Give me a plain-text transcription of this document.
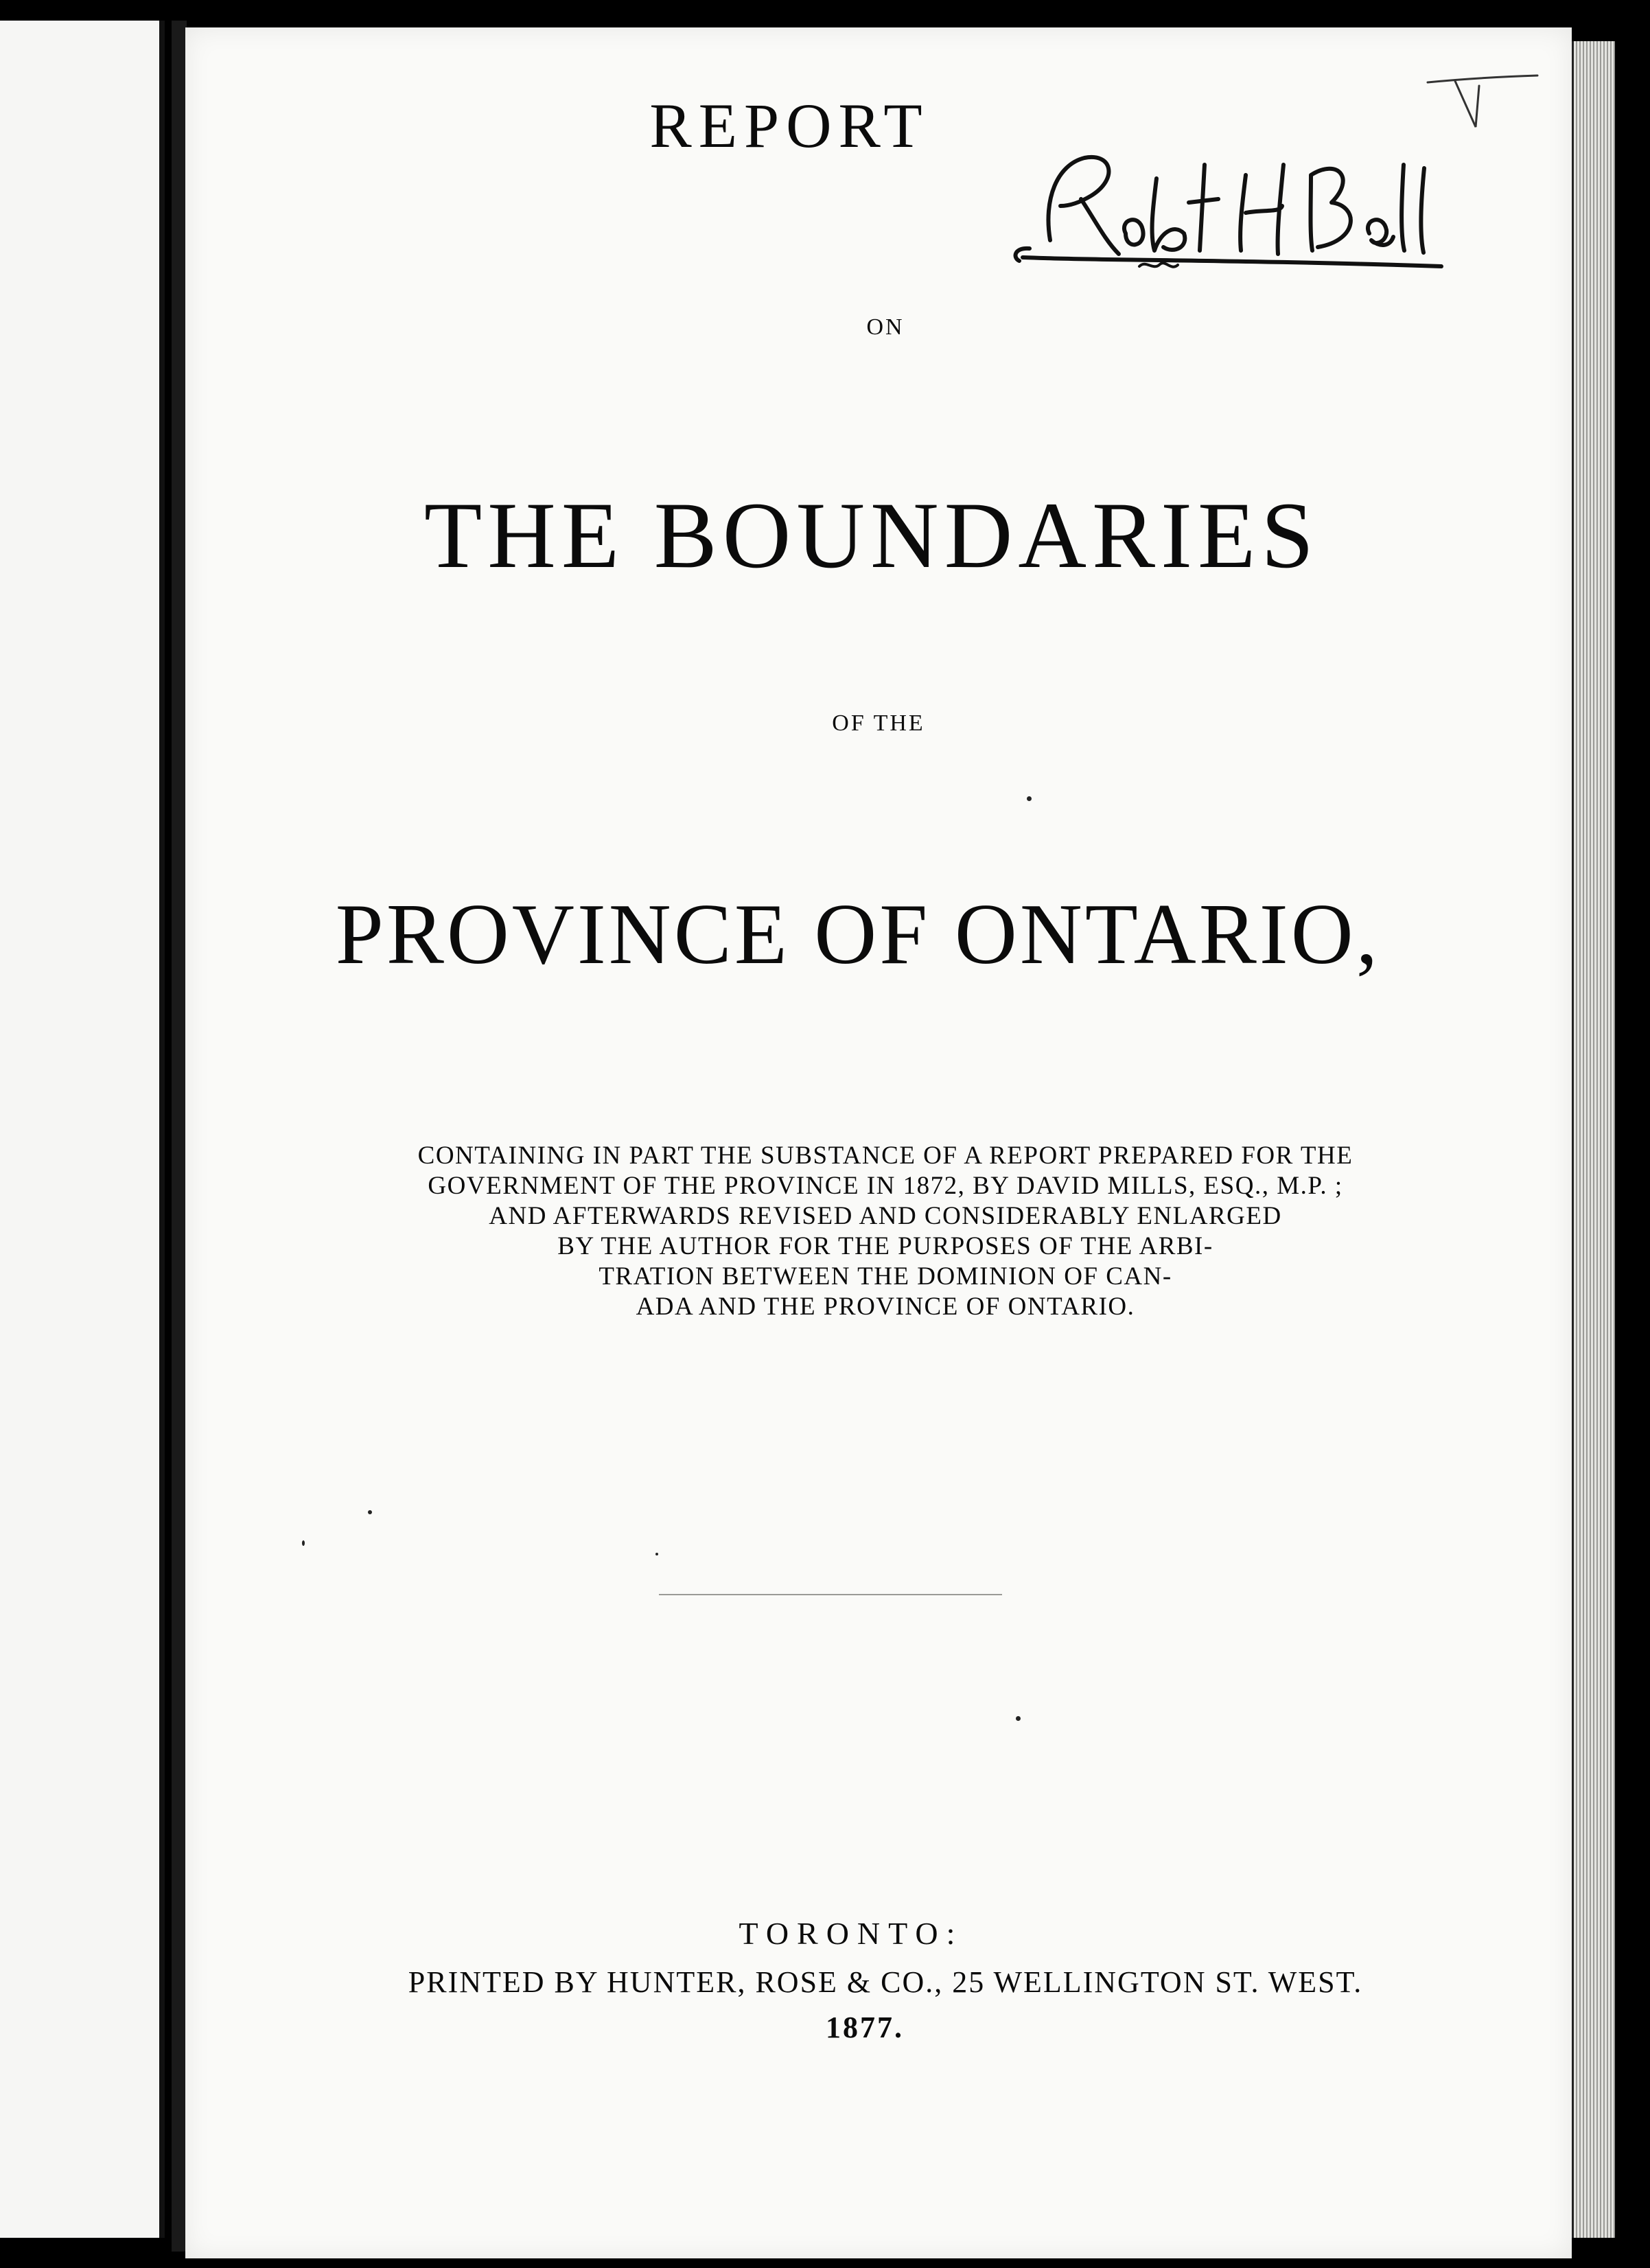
REPORT
ON
THE BOUNDARIES
OF THE
PROVINCE OF ONTARIO,
CONTAINING IN PART THE SUBSTANCE OF A REPORT PREPARED FOR THE
GOVERNMENT OF THE PROVINCE IN 1872, BY DAVID MILLS, ESQ., M.P. ;
AND AFTERWARDS REVISED AND CONSIDERABLY ENLARGED
BY THE AUTHOR FOR THE PURPOSES OF THE ARBI-
TRATION BETWEEN THE DOMINION OF CAN-
ADA AND THE PROVINCE OF ONTARIO.
TORONTO:
PRINTED BY HUNTER, ROSE & CO., 25 WELLINGTON ST. WEST.
1877.
